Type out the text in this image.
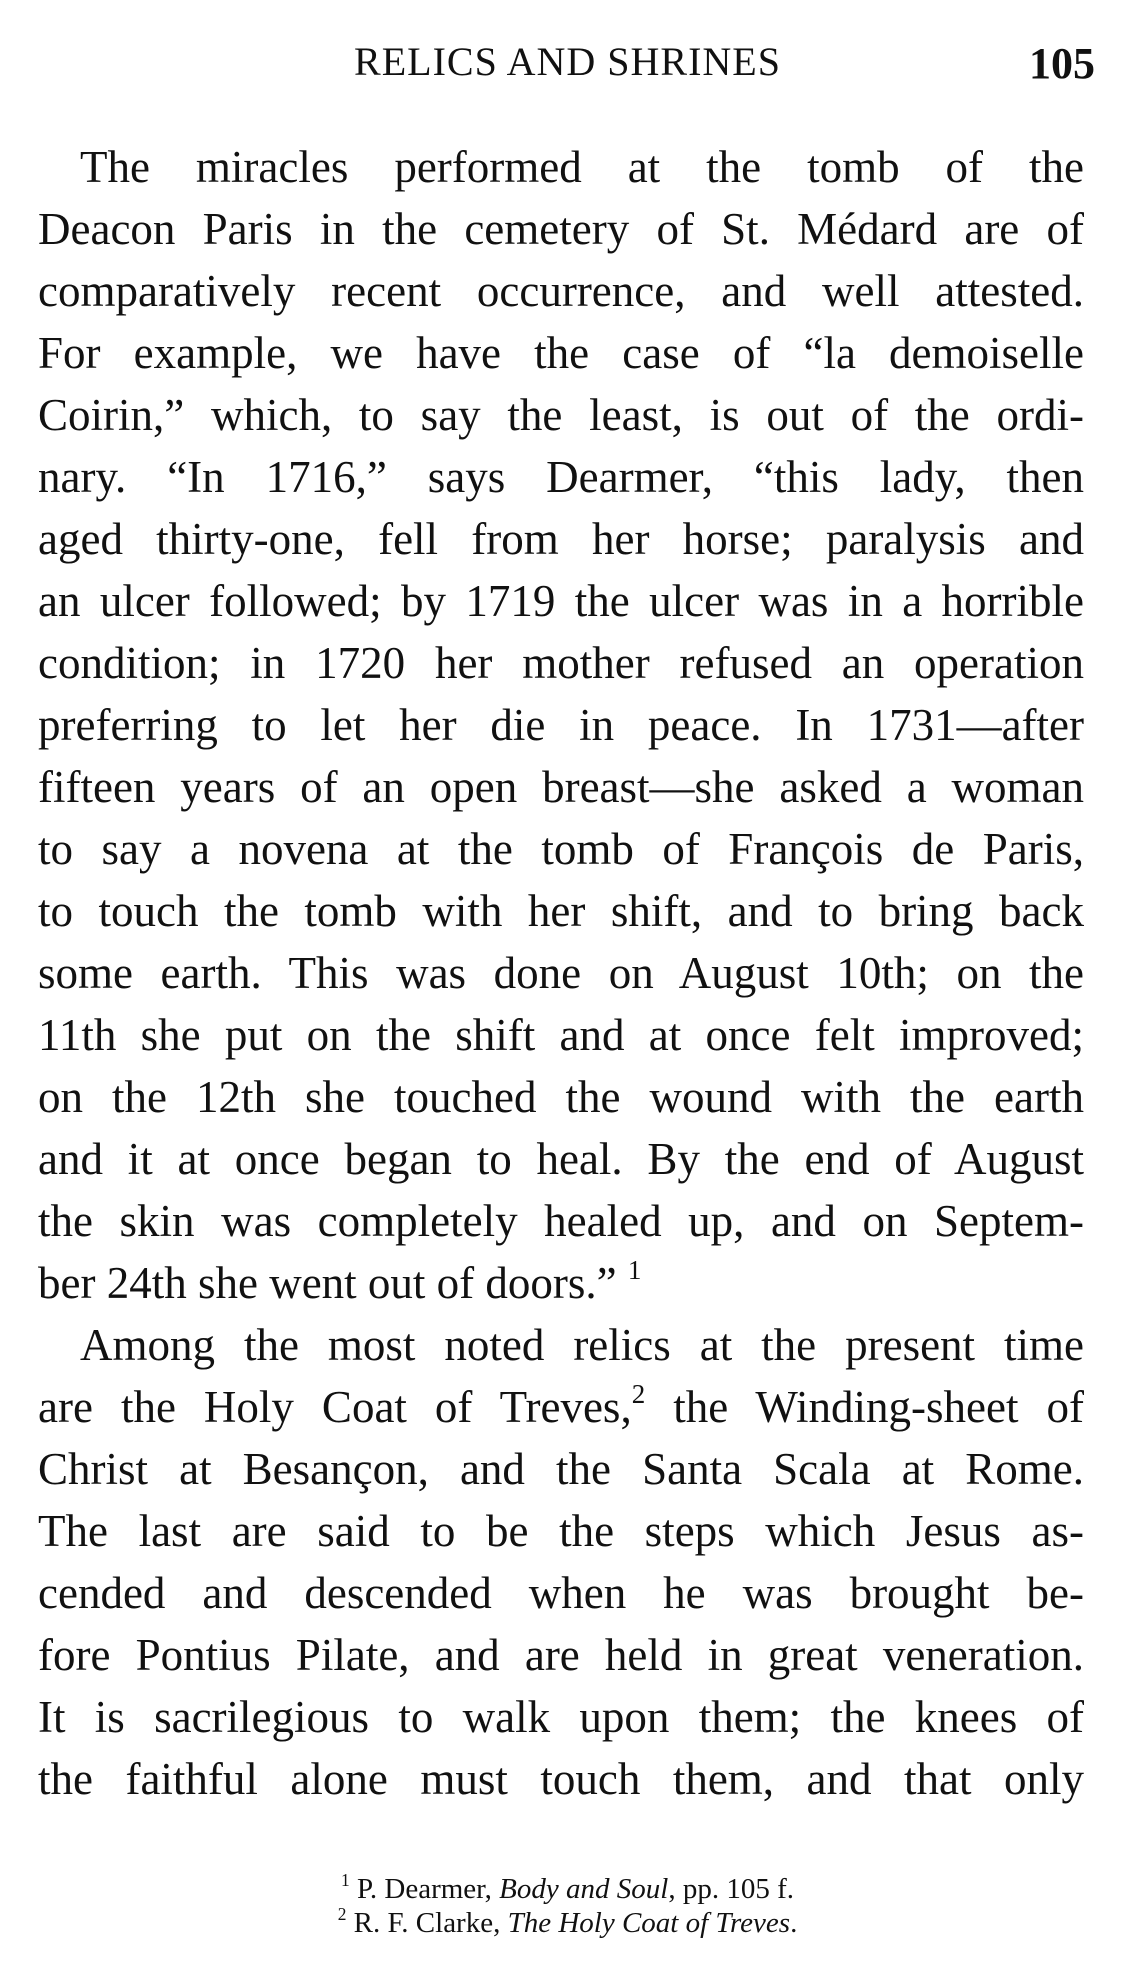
RELICS AND SHRINES	105
The miracles performed at the tomb of the
Deacon Paris in the cemetery of St. Médard are of
comparatively recent occurrence, and well attested.
For example, we have the case of “la demoiselle
Coirin,” which, to say the least, is out of the ordi-
nary. “In 1716,” says Dearmer, “this lady, then
aged thirty-one, fell from her horse; paralysis and
an ulcer followed; by 1719 the ulcer was in a horrible
condition; in 1720 her mother refused an operation
preferring to let her die in peace. In 1731—after
fifteen years of an open breast—she asked a woman
to say a novena at the tomb of François de Paris,
to touch the tomb with her shift, and to bring back
some earth. This was done on August 10th; on the
11th she put on the shift and at once felt improved;
on the 12th she touched the wound with the earth
and it at once began to heal. By the end of August
the skin was completely healed up, and on Septem-
ber 24th she went out of doors.” $^1$
Among the most noted relics at the present time
are the Holy Coat of Treves,$^2$ the Winding-sheet of
Christ at Besançon, and the Santa Scala at Rome.
The last are said to be the steps which Jesus as-
cended and descended when he was brought be-
fore Pontius Pilate, and are held in great veneration.
It is sacrilegious to walk upon them; the knees of
the faithful alone must touch them, and that only
$^1$ P. Dearmer, Body and Soul, pp. 105 f.
$^2$ R. F. Clarke, The Holy Coat of Treves.
